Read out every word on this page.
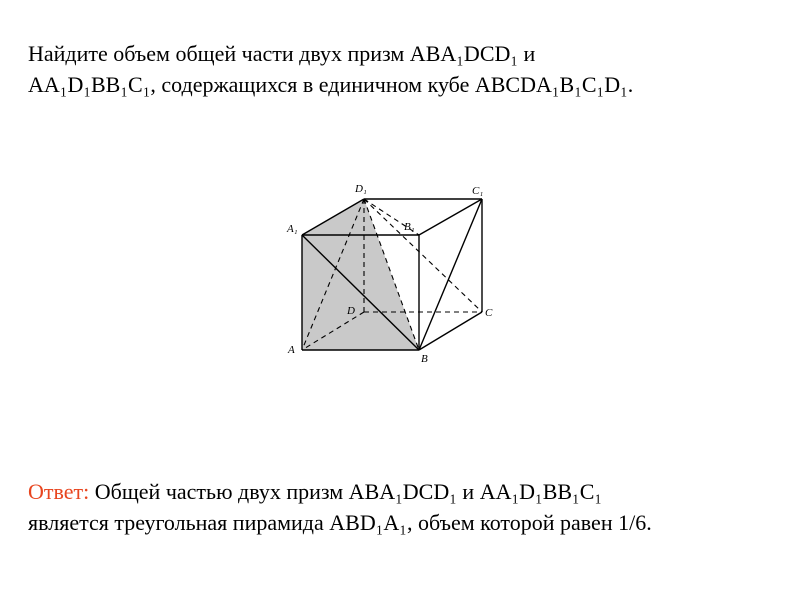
Найдите объем общей части двух призм ABA₁DCD₁ и
AA₁D₁BB₁C₁, содержащихся в единичном кубе ABCDA₁B₁C₁D₁.
D₁	C₁
A₁	B₁
D	C
A
B
Ответ: Общей частью двух призм ABA₁DCD₁ и AA₁D₁BB₁C₁
является треугольная пирамида ABD₁A₁, объем которой равен 1/6.
